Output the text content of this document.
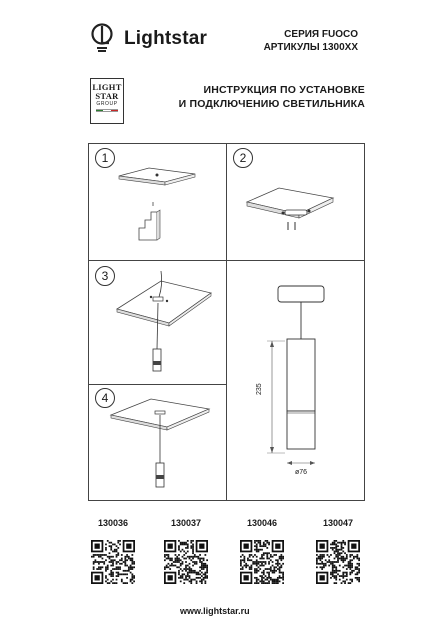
Lightstar	СЕРИЯ FUOCO
АРТИКУЛЫ 1300XX
LIGHT
STAR
GROUP
ИНСТРУКЦИЯ ПО УСТАНОВКЕ
И ПОДКЛЮЧЕНИЮ СВЕТИЛЬНИКА
1	2
3
4
235
ø76
130036	130037	130046	130047
www.lightstar.ru
